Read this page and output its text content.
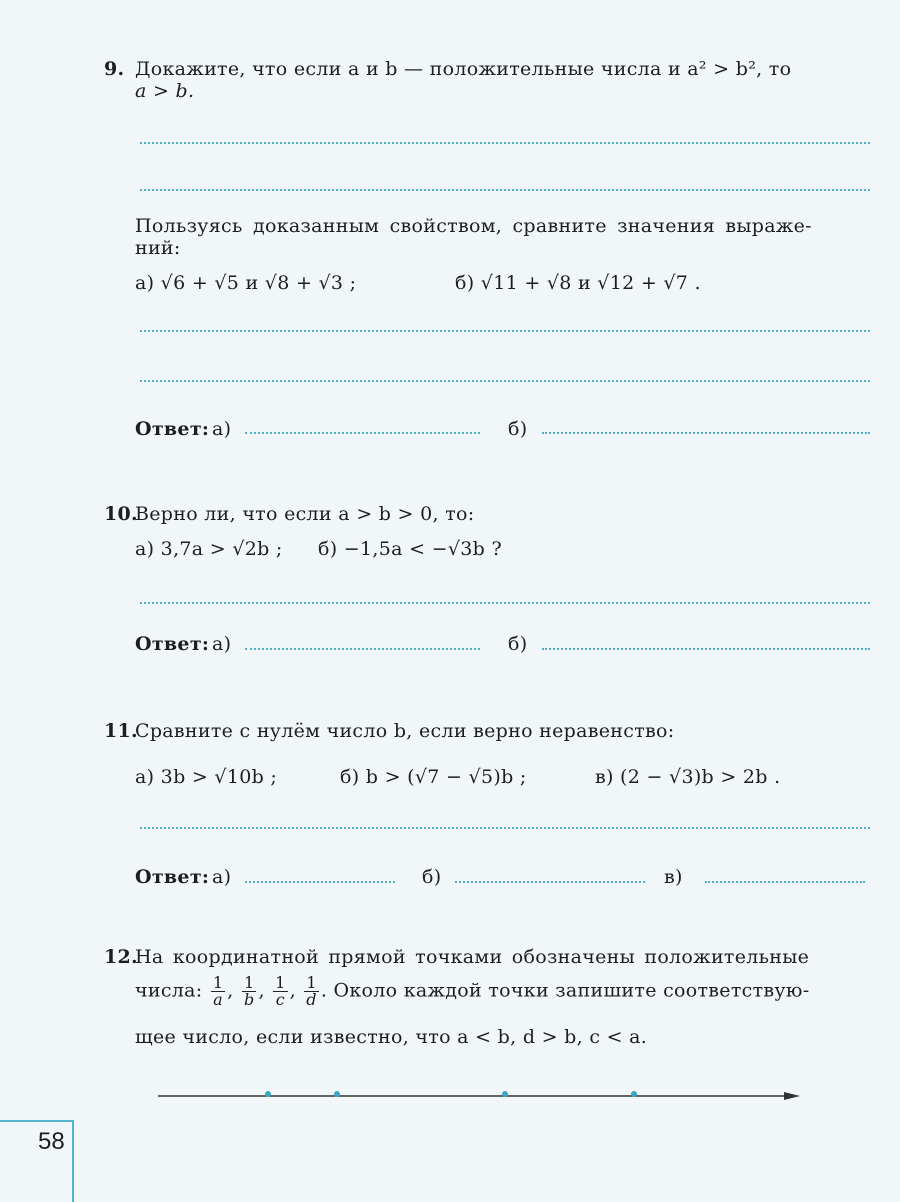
9. Докажите, что если a и b — положительные числа и a² > b², то
a > b.
Пользуясь доказанным свойством, сравните значения выраже-
ний:
а) √6 + √5 и √8 + √3 ;	б) √11 + √8 и √12 + √7 .
Ответ: а)	б)
10.
Верно ли, что если a > b > 0, то:
а) 3,7a > √2b ; б) −1,5a < −√3b ?
Ответ: а)	б)
11.
Сравните с нулём число b, если верно неравенство:
а) 3b > √10b ;	б) b > (√7 − √5)b ;	в) (2 − √3)b > 2b .
Ответ: а)	б)	в)
12.
На координатной прямой точками обозначены положительные
числа: $\frac{1}{a}$ , $\frac{1}{b}$ , $\frac{1}{c}$ , $\frac{1}{d}$ . Около каждой точки запишите соответствую-
щее число, если известно, что a < b, d > b, c < a.
58
